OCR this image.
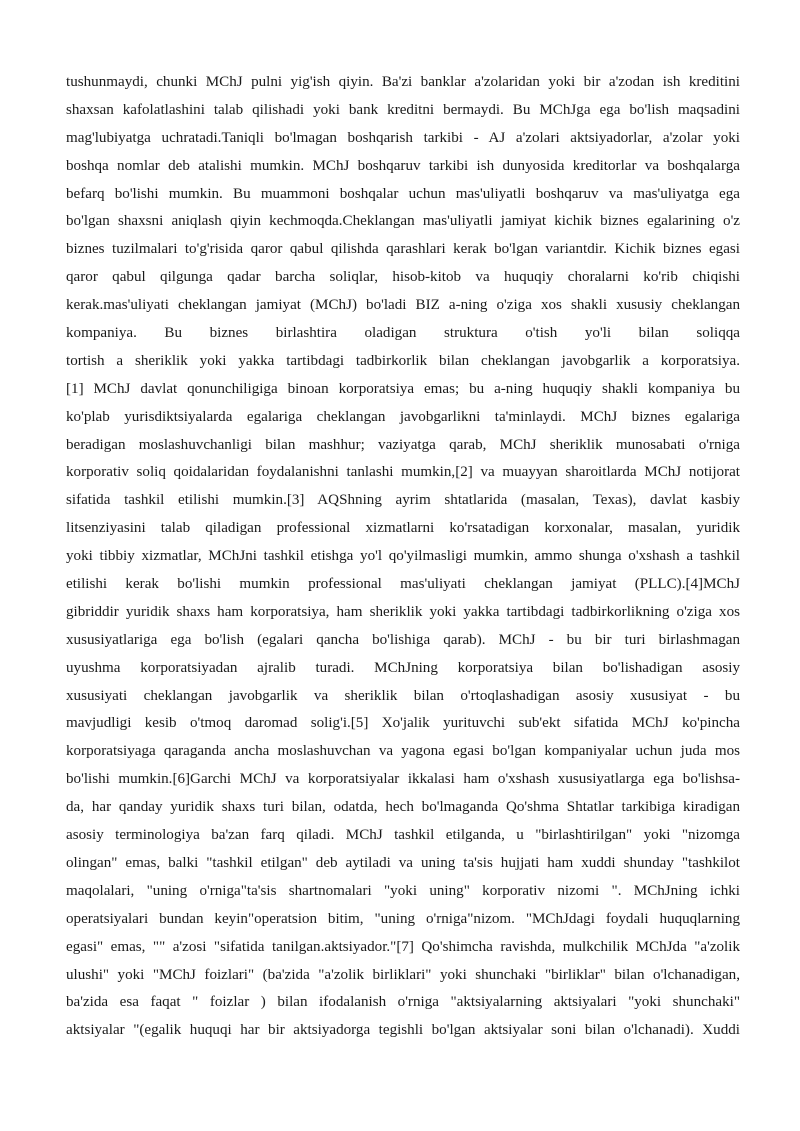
tushunmaydi, chunki MChJ pulni yig'ish qiyin. Ba'zi banklar a'zolaridan yoki bir a'zodan ish kreditini
shaxsan kafolatlashini talab qilishadi yoki bank kreditni bermaydi. Bu MChJga ega bo'lish maqsadini
mag'lubiyatga uchratadi.Taniqli bo'lmagan boshqarish tarkibi - AJ a'zolari aktsiyadorlar, a'zolar yoki
boshqa nomlar deb atalishi mumkin. MChJ boshqaruv tarkibi ish dunyosida kreditorlar va boshqalarga
befarq bo'lishi mumkin. Bu muammoni boshqalar uchun mas'uliyatli boshqaruv va mas'uliyatga ega
bo'lgan shaxsni aniqlash qiyin kechmoqda.Cheklangan mas'uliyatli jamiyat kichik biznes egalarining o'z
biznes tuzilmalari to'g'risida qaror qabul qilishda qarashlari kerak bo'lgan variantdir. Kichik biznes egasi
qaror qabul qilgunga qadar barcha soliqlar, hisob-kitob va huquqiy choralarni ko'rib chiqishi
kerak.mas'uliyati cheklangan jamiyat (MChJ) bo'ladi BIZ a-ning o'ziga xos shakli xususiy cheklangan
kompaniya. Bu biznes birlashtira oladigan struktura o'tish yo'li bilan soliqqa
tortish a sheriklik yoki yakka tartibdagi tadbirkorlik bilan cheklangan javobgarlik a korporatsiya.
[1] MChJ davlat qonunchiligiga binoan korporatsiya emas; bu a-ning huquqiy shakli kompaniya bu
ko'plab yurisdiktsiyalarda egalariga cheklangan javobgarlikni ta'minlaydi. MChJ biznes egalariga
beradigan moslashuvchanligi bilan mashhur; vaziyatga qarab, MChJ sheriklik munosabati o'rniga
korporativ soliq qoidalaridan foydalanishni tanlashi mumkin,[2] va muayyan sharoitlarda MChJ notijorat
sifatida tashkil etilishi mumkin.[3] AQShning ayrim shtatlarida (masalan, Texas), davlat kasbiy
litsenziyasini talab qiladigan professional xizmatlarni ko'rsatadigan korxonalar, masalan, yuridik
yoki tibbiy xizmatlar, MChJni tashkil etishga yo'l qo'yilmasligi mumkin, ammo shunga o'xshash a tashkil
etilishi kerak bo'lishi mumkin professional mas'uliyati cheklangan jamiyat (PLLC).[4]MChJ
gibriddir yuridik shaxs ham korporatsiya, ham sheriklik yoki yakka tartibdagi tadbirkorlikning o'ziga xos
xususiyatlariga ega bo'lish (egalari qancha bo'lishiga qarab). MChJ - bu bir turi birlashmagan
uyushma korporatsiyadan ajralib turadi. MChJning korporatsiya bilan bo'lishadigan asosiy
xususiyati cheklangan javobgarlik va sheriklik bilan o'rtoqlashadigan asosiy xususiyat - bu
mavjudligi kesib o'tmoq daromad solig'i.[5] Xo'jalik yurituvchi sub'ekt sifatida MChJ ko'pincha
korporatsiyaga qaraganda ancha moslashuvchan va yagona egasi bo'lgan kompaniyalar uchun juda mos
bo'lishi mumkin.[6]Garchi MChJ va korporatsiyalar ikkalasi ham o'xshash xususiyatlarga ega bo'lishsa-
da, har qanday yuridik shaxs turi bilan, odatda, hech bo'lmaganda Qo'shma Shtatlar tarkibiga kiradigan
asosiy terminologiya ba'zan farq qiladi. MChJ tashkil etilganda, u "birlashtirilgan" yoki "nizomga
olingan" emas, balki "tashkil etilgan" deb aytiladi va uning ta'sis hujjati ham xuddi shunday "tashkilot
maqolalari, "uning o'rniga"ta'sis shartnomalari "yoki uning" korporativ nizomi ". MChJning ichki
operatsiyalari bundan keyin"operatsion bitim, "uning o'rniga"nizom. "MChJdagi foydali huquqlarning
egasi" emas, "" a'zosi "sifatida tanilgan.aktsiyador."[7] Qo'shimcha ravishda, mulkchilik MChJda "a'zolik
ulushi" yoki "MChJ foizlari" (ba'zida "a'zolik birliklari" yoki shunchaki "birliklar" bilan o'lchanadigan,
ba'zida esa faqat " foizlar ) bilan ifodalanish o'rniga "aktsiyalarning aktsiyalari "yoki shunchaki"
aktsiyalar "(egalik huquqi har bir aktsiyadorga tegishli bo'lgan aktsiyalar soni bilan o'lchanadi). Xuddi
